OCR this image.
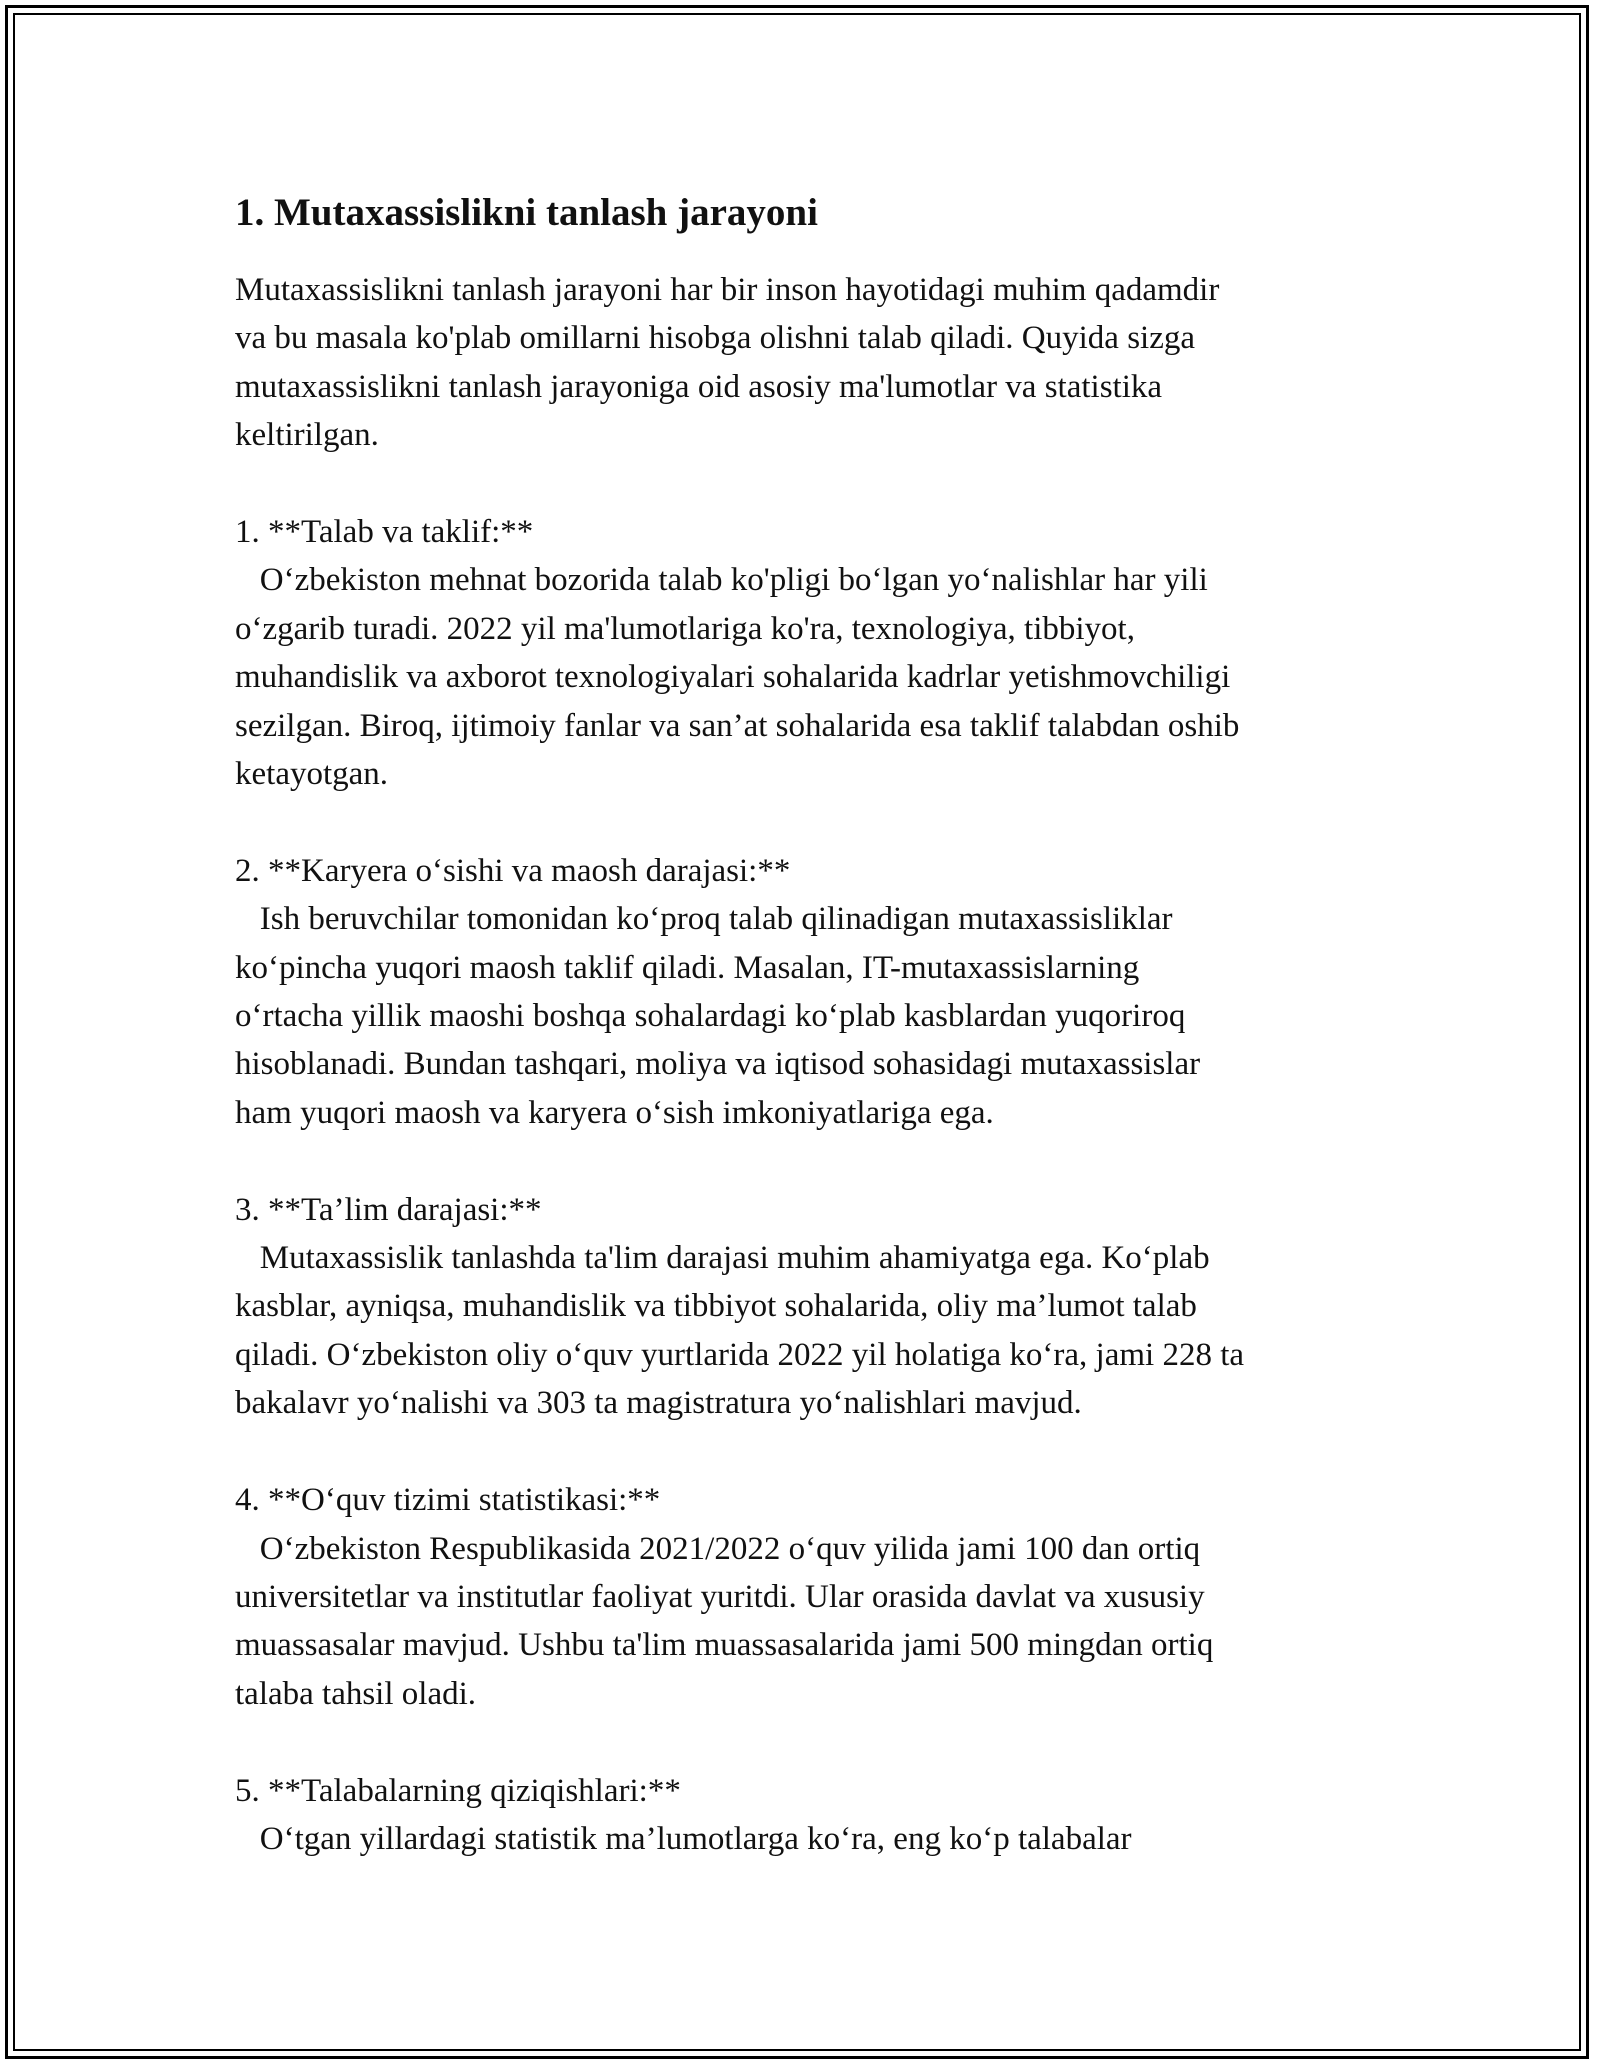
1. Mutaxassislikni tanlash jarayoni
Mutaxassislikni tanlash jarayoni har bir inson hayotidagi muhim qadamdir
va bu masala ko'plab omillarni hisobga olishni talab qiladi. Quyida sizga
mutaxassislikni tanlash jarayoniga oid asosiy ma'lumotlar va statistika
keltirilgan.
1. **Talab va taklif:**
O‘zbekiston mehnat bozorida talab ko'pligi bo‘lgan yo‘nalishlar har yili
o‘zgarib turadi. 2022 yil ma'lumotlariga ko'ra, texnologiya, tibbiyot,
muhandislik va axborot texnologiyalari sohalarida kadrlar yetishmovchiligi
sezilgan. Biroq, ijtimoiy fanlar va san’at sohalarida esa taklif talabdan oshib
ketayotgan.
2. **Karyera o‘sishi va maosh darajasi:**
Ish beruvchilar tomonidan ko‘proq talab qilinadigan mutaxassisliklar
ko‘pincha yuqori maosh taklif qiladi. Masalan, IT-mutaxassislarning
o‘rtacha yillik maoshi boshqa sohalardagi ko‘plab kasblardan yuqoriroq
hisoblanadi. Bundan tashqari, moliya va iqtisod sohasidagi mutaxassislar
ham yuqori maosh va karyera o‘sish imkoniyatlariga ega.
3. **Ta’lim darajasi:**
Mutaxassislik tanlashda ta'lim darajasi muhim ahamiyatga ega. Ko‘plab
kasblar, ayniqsa, muhandislik va tibbiyot sohalarida, oliy ma’lumot talab
qiladi. O‘zbekiston oliy o‘quv yurtlarida 2022 yil holatiga ko‘ra, jami 228 ta
bakalavr yo‘nalishi va 303 ta magistratura yo‘nalishlari mavjud.
4. **O‘quv tizimi statistikasi:**
O‘zbekiston Respublikasida 2021/2022 o‘quv yilida jami 100 dan ortiq
universitetlar va institutlar faoliyat yuritdi. Ular orasida davlat va xususiy
muassasalar mavjud. Ushbu ta'lim muassasalarida jami 500 mingdan ortiq
talaba tahsil oladi.
5. **Talabalarning qiziqishlari:**
O‘tgan yillardagi statistik ma’lumotlarga ko‘ra, eng ko‘p talabalar
